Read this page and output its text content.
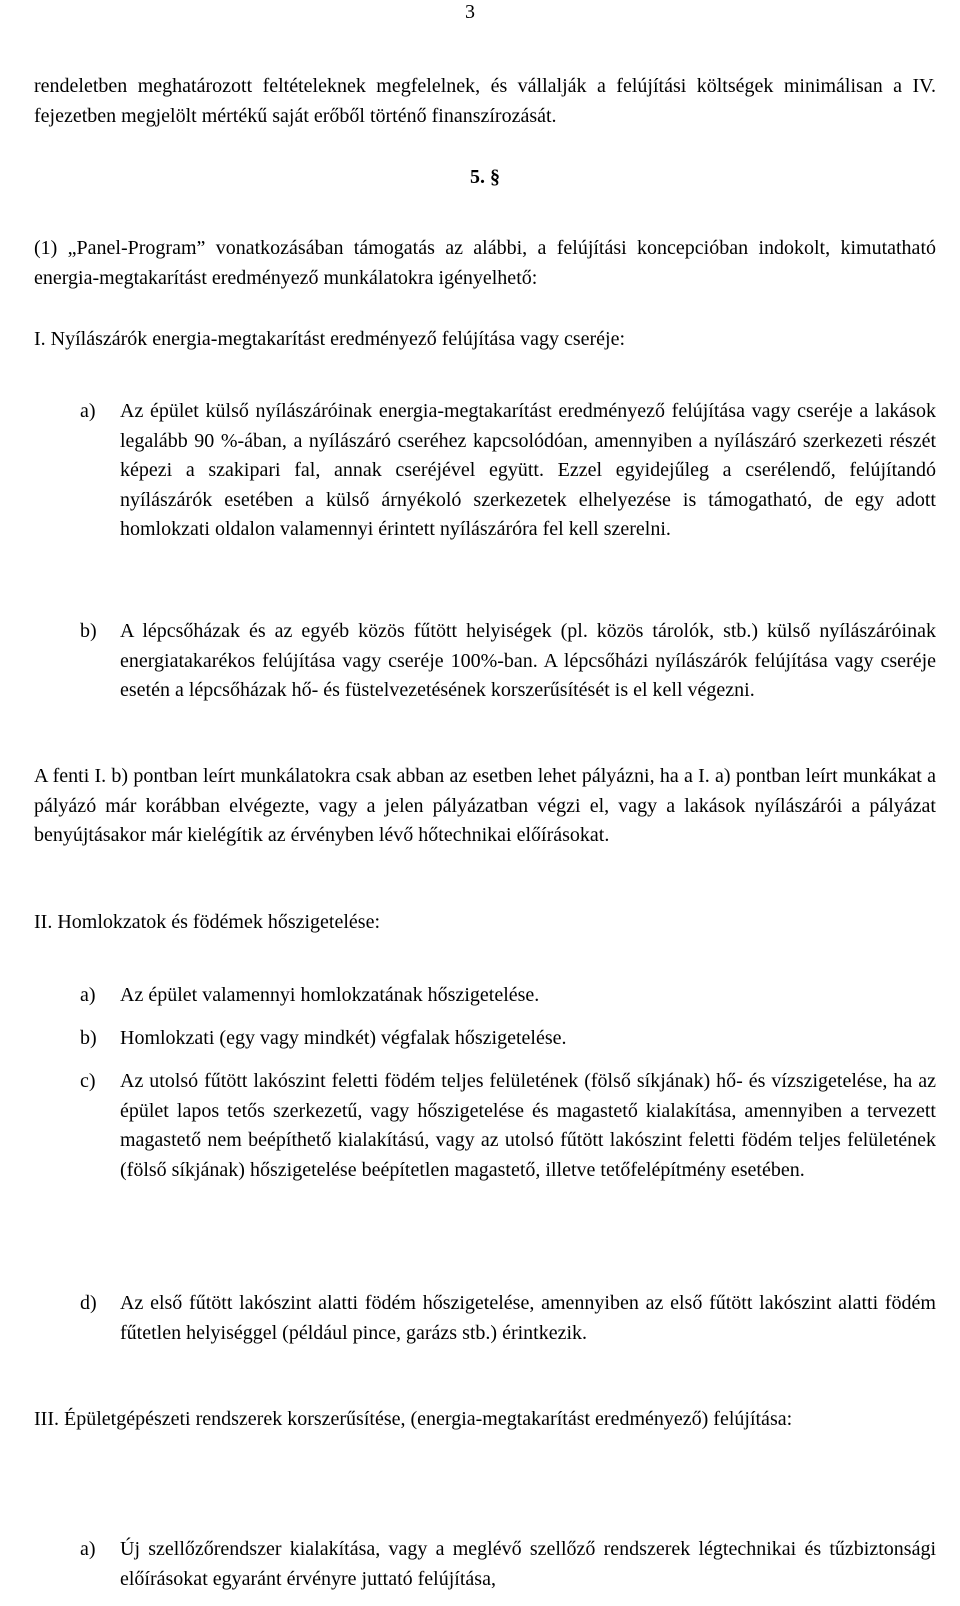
3

rendeletben meghatározott feltételeknek megfelelnek, és vállalják a felújítási költségek minimálisan a IV. fejezetben megjelölt mértékű saját erőből történő finanszírozását.

5. §

(1) „Panel-Program” vonatkozásában támogatás az alábbi, a felújítási koncepcióban indokolt, kimutatható energia-megtakarítást eredményező munkálatokra igényelhető:

I. Nyílászárók energia-megtakarítást eredményező felújítása vagy cseréje:

a)	Az épület külső nyílászáróinak energia-megtakarítást eredményező felújítása vagy cseréje a lakások legalább 90 %-ában, a nyílászáró cseréhez kapcsolódóan, amennyiben a nyílászáró szerkezeti részét képezi a szakipari fal, annak cseréjével együtt. Ezzel egyidejűleg a cserélendő, felújítandó nyílászárók esetében a külső árnyékoló szerkezetek elhelyezése is támogatható, de egy adott homlokzati oldalon valamennyi érintett nyílászáróra fel kell szerelni.
b)	A lépcsőházak és az egyéb közös fűtött helyiségek (pl. közös tárolók, stb.) külső nyílászáróinak energiatakarékos felújítása vagy cseréje 100%-ban. A lépcsőházi nyílászárók felújítása vagy cseréje esetén a lépcsőházak hő- és füstelvezetésének korszerűsítését is el kell végezni.

A fenti I. b) pontban leírt munkálatokra csak abban az esetben lehet pályázni, ha a I. a) pontban leírt munkákat a pályázó már korábban elvégezte, vagy a jelen pályázatban végzi el, vagy a lakások nyílászárói a pályázat benyújtásakor már kielégítik az érvényben lévő hőtechnikai előírásokat.

II. Homlokzatok és födémek hőszigetelése:

a)	Az épület valamennyi homlokzatának hőszigetelése.
b)	Homlokzati (egy vagy mindkét) végfalak hőszigetelése.
c)	Az utolsó fűtött lakószint feletti födém teljes felületének (fölső síkjának) hő- és vízszigetelése, ha az épület lapos tetős szerkezetű, vagy hőszigetelése és magastető kialakítása, amennyiben a tervezett magastető nem beépíthető kialakítású, vagy az utolsó fűtött lakószint feletti födém teljes felületének (fölső síkjának) hőszigetelése beépítetlen magastető, illetve tetőfelépítmény esetében.
d)	Az első fűtött lakószint alatti födém hőszigetelése, amennyiben az első fűtött lakószint alatti födém fűtetlen helyiséggel (például pince, garázs stb.) érintkezik.

III. Épületgépészeti rendszerek korszerűsítése, (energia-megtakarítást eredményező) felújítása:

a)	Új szellőzőrendszer kialakítása, vagy a meglévő szellőző rendszerek légtechnikai és tűzbiztonsági előírásokat egyaránt érvényre juttató felújítása,
